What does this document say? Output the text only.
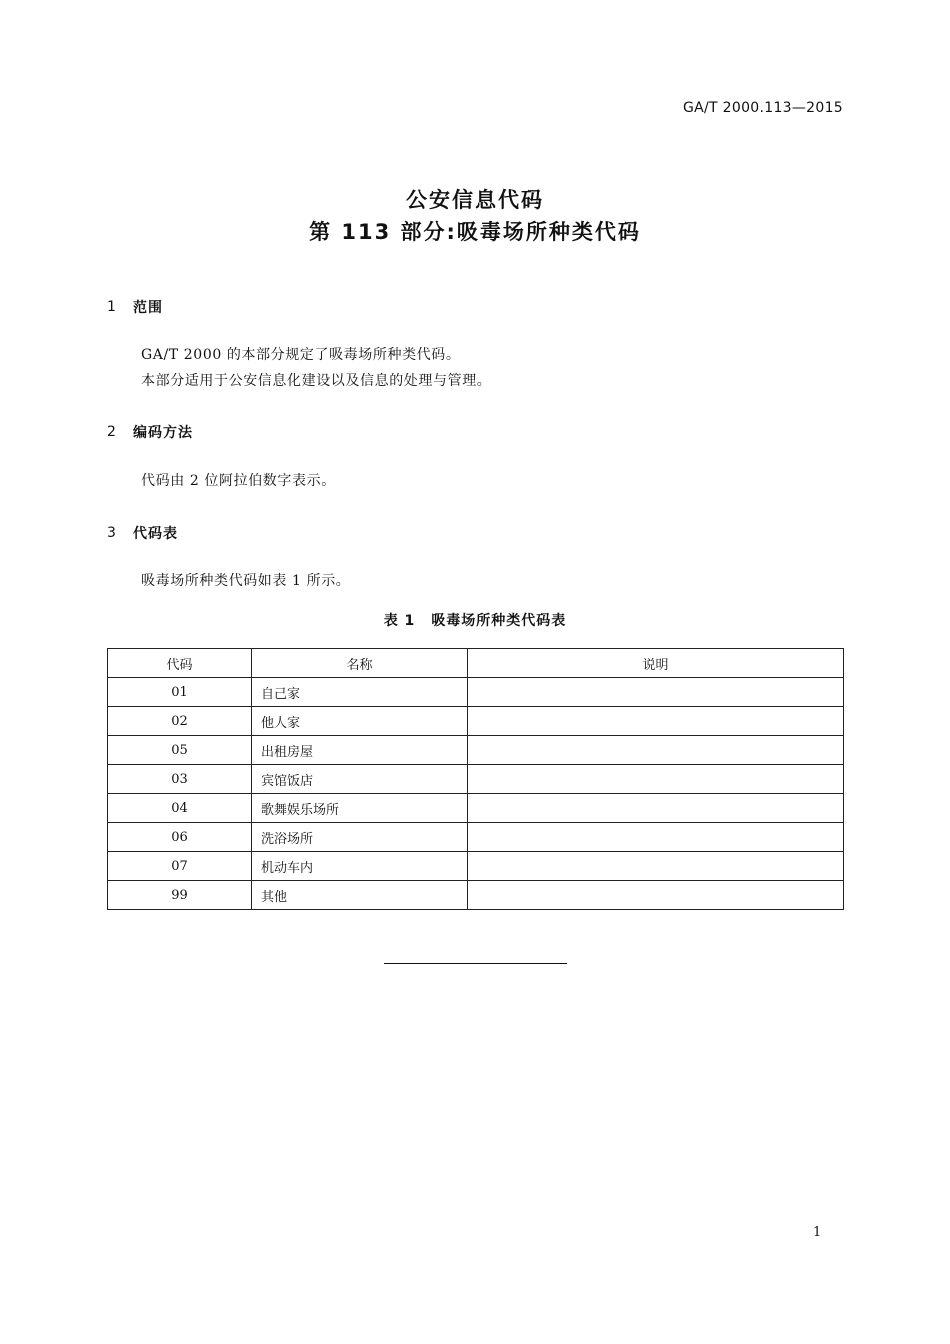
GA/T 2000.113—2015
公安信息代码
第 113 部分:吸毒场所种类代码
1	范围
GA/T 2000 的本部分规定了吸毒场所种类代码。
本部分适用于公安信息化建设以及信息的处理与管理。
2	编码方法
代码由 2 位阿拉伯数字表示。
3	代码表
吸毒场所种类代码如表 1 所示。
表 1 吸毒场所种类代码表
代码	名称	说明
01	自己家	
02	他人家	
05	出租房屋	
03	宾馆饭店	
04	歌舞娱乐场所	
06	洗浴场所	
07	机动车内	
99	其他	
1
